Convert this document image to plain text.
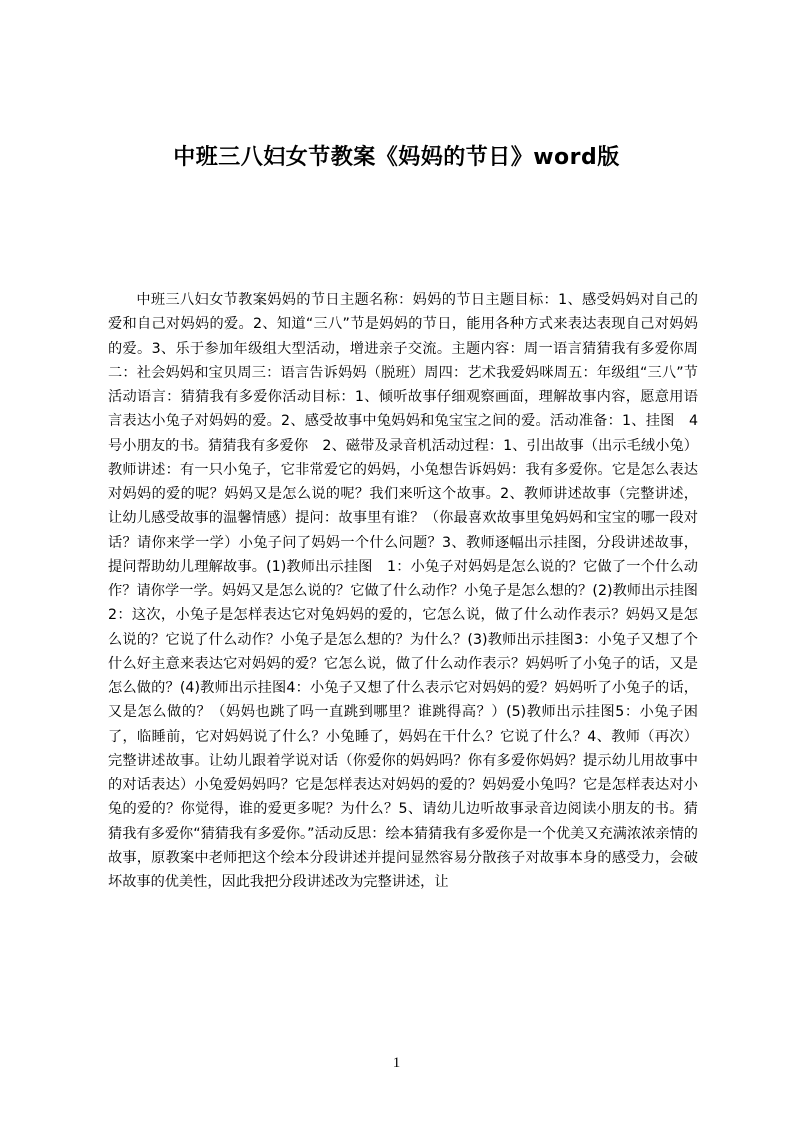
中班三八妇女节教案《妈妈的节日》word版
中班三八妇女节教案妈妈的节日主题名称：妈妈的节日主题目标：1、感受妈妈对自己的爱和自己对妈妈的爱。2、知道“三八”节是妈妈的节日，能用各种方式来表达表现自己对妈妈的爱。3、乐于参加年级组大型活动，增进亲子交流。主题内容：周一语言猜猜我有多爱你周二：社会妈妈和宝贝周三：语言告诉妈妈（脱班）周四：艺术我爱妈咪周五：年级组“三八”节活动语言：猜猜我有多爱你活动目标：1、倾听故事仔细观察画面，理解故事内容，愿意用语言表达小兔子对妈妈的爱。2、感受故事中兔妈妈和兔宝宝之间的爱。活动准备：1、挂图　4号小朋友的书。猜猜我有多爱你　2、磁带及录音机活动过程：1、引出故事（出示毛绒小兔）教师讲述：有一只小兔子，它非常爱它的妈妈，小兔想告诉妈妈：我有多爱你。它是怎么表达对妈妈的爱的呢？妈妈又是怎么说的呢？我们来听这个故事。2、教师讲述故事（完整讲述，让幼儿感受故事的温馨情感）提问：故事里有谁？（你最喜欢故事里兔妈妈和宝宝的哪一段对话？请你来学一学）小兔子问了妈妈一个什么问题？3、教师逐幅出示挂图，分段讲述故事，提问帮助幼儿理解故事。(1)教师出示挂图　1：小兔子对妈妈是怎么说的？它做了一个什么动作？请你学一学。妈妈又是怎么说的？它做了什么动作？小兔子是怎么想的？(2)教师出示挂图2：这次，小兔子是怎样表达它对兔妈妈的爱的，它怎么说，做了什么动作表示？妈妈又是怎么说的？它说了什么动作？小兔子是怎么想的？为什么？(3)教师出示挂图3：小兔子又想了个什么好主意来表达它对妈妈的爱？它怎么说，做了什么动作表示？妈妈听了小兔子的话，又是怎么做的？(4)教师出示挂图4：小兔子又想了什么表示它对妈妈的爱？妈妈听了小兔子的话，又是怎么做的？（妈妈也跳了吗一直跳到哪里？谁跳得高？）(5)教师出示挂图5：小兔子困了，临睡前，它对妈妈说了什么？小兔睡了，妈妈在干什么？它说了什么？4、教师（再次）完整讲述故事。让幼儿跟着学说对话（你爱你的妈妈吗？你有多爱你妈妈？提示幼儿用故事中的对话表达）小兔爱妈妈吗？它是怎样表达对妈妈的爱的？妈妈爱小兔吗？它是怎样表达对小兔的爱的？你觉得，谁的爱更多呢？为什么？5、请幼儿边听故事录音边阅读小朋友的书。猜猜我有多爱你“猜猜我有多爱你。”活动反思：绘本猜猜我有多爱你是一个优美又充满浓浓亲情的故事，原教案中老师把这个绘本分段讲述并提问显然容易分散孩子对故事本身的感受力，会破坏故事的优美性，因此我把分段讲述改为完整讲述，让
1
